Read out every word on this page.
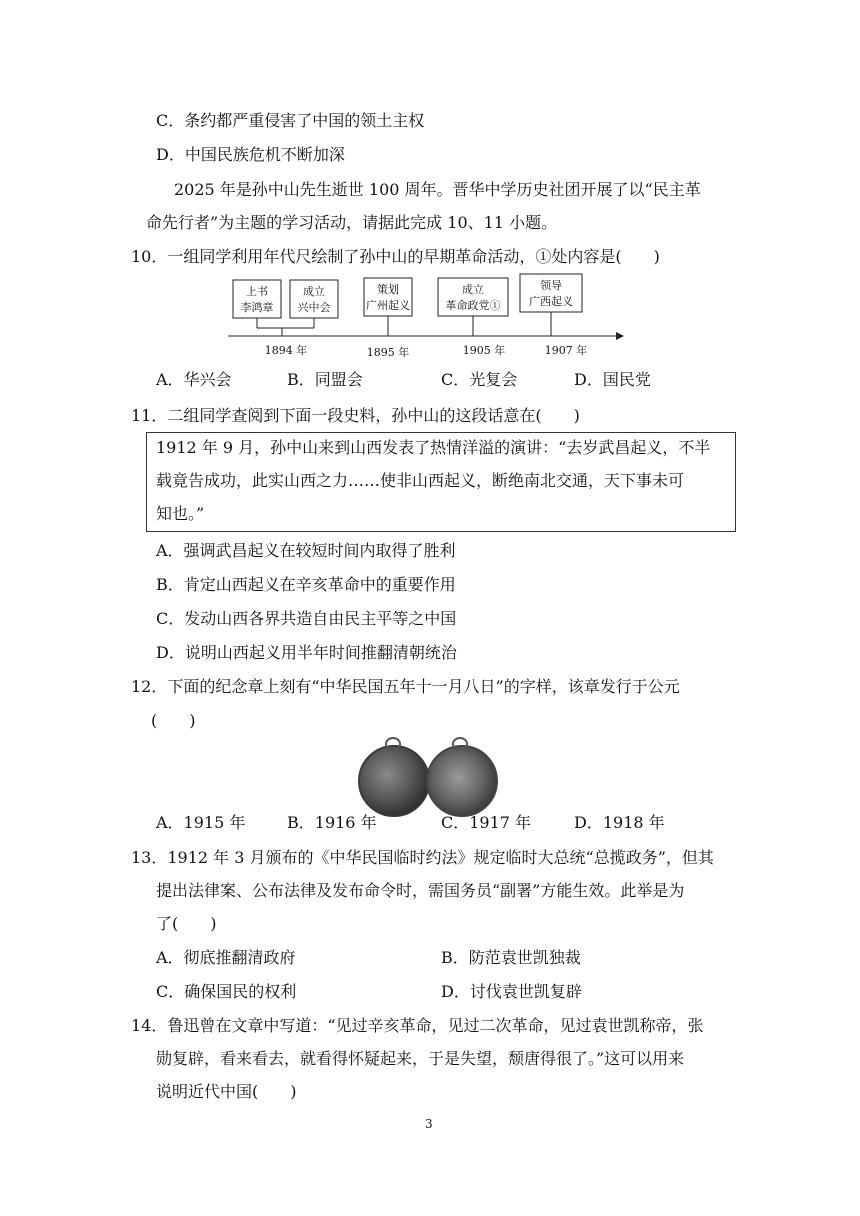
C．条约都严重侵害了中国的领土主权
D．中国民族危机不断加深
2025 年是孙中山先生逝世 100 周年。晋华中学历史社团开展了以“民主革
命先行者”为主题的学习活动，请据此完成 10、11 小题。
10．一组同学利用年代尺绘制了孙中山的早期革命活动，①处内容是(　　)
上书
李鸿章
成立
兴中会
策划
广州起义
成立
革命政党①
领导
广西起义
1894 年	1895 年	1905 年	1907 年
A．华兴会	B．同盟会	C．光复会	D．国民党
11．二组同学查阅到下面一段史料，孙中山的这段话意在(　　)
1912 年 9 月，孙中山来到山西发表了热情洋溢的演讲：“去岁武昌起义，不半
载竟告成功，此实山西之力……使非山西起义，断绝南北交通，天下事未可
知也。”
A．强调武昌起义在较短时间内取得了胜利
B．肯定山西起义在辛亥革命中的重要作用
C．发动山西各界共造自由民主平等之中国
D．说明山西起义用半年时间推翻清朝统治
12．下面的纪念章上刻有“中华民国五年十一月八日”的字样，该章发行于公元
(　　)
A．1915 年	B．1916 年	C．1917 年	D．1918 年
13．1912 年 3 月颁布的《中华民国临时约法》规定临时大总统“总揽政务”，但其
提出法律案、公布法律及发布命令时，需国务员“副署”方能生效。此举是为
了(　　)
A．彻底推翻清政府	B．防范袁世凯独裁
C．确保国民的权利	D．讨伐袁世凯复辟
14．鲁迅曾在文章中写道：“见过辛亥革命，见过二次革命，见过袁世凯称帝，张
勋复辟，看来看去，就看得怀疑起来，于是失望，颓唐得很了。”这可以用来
说明近代中国(　　)
3
